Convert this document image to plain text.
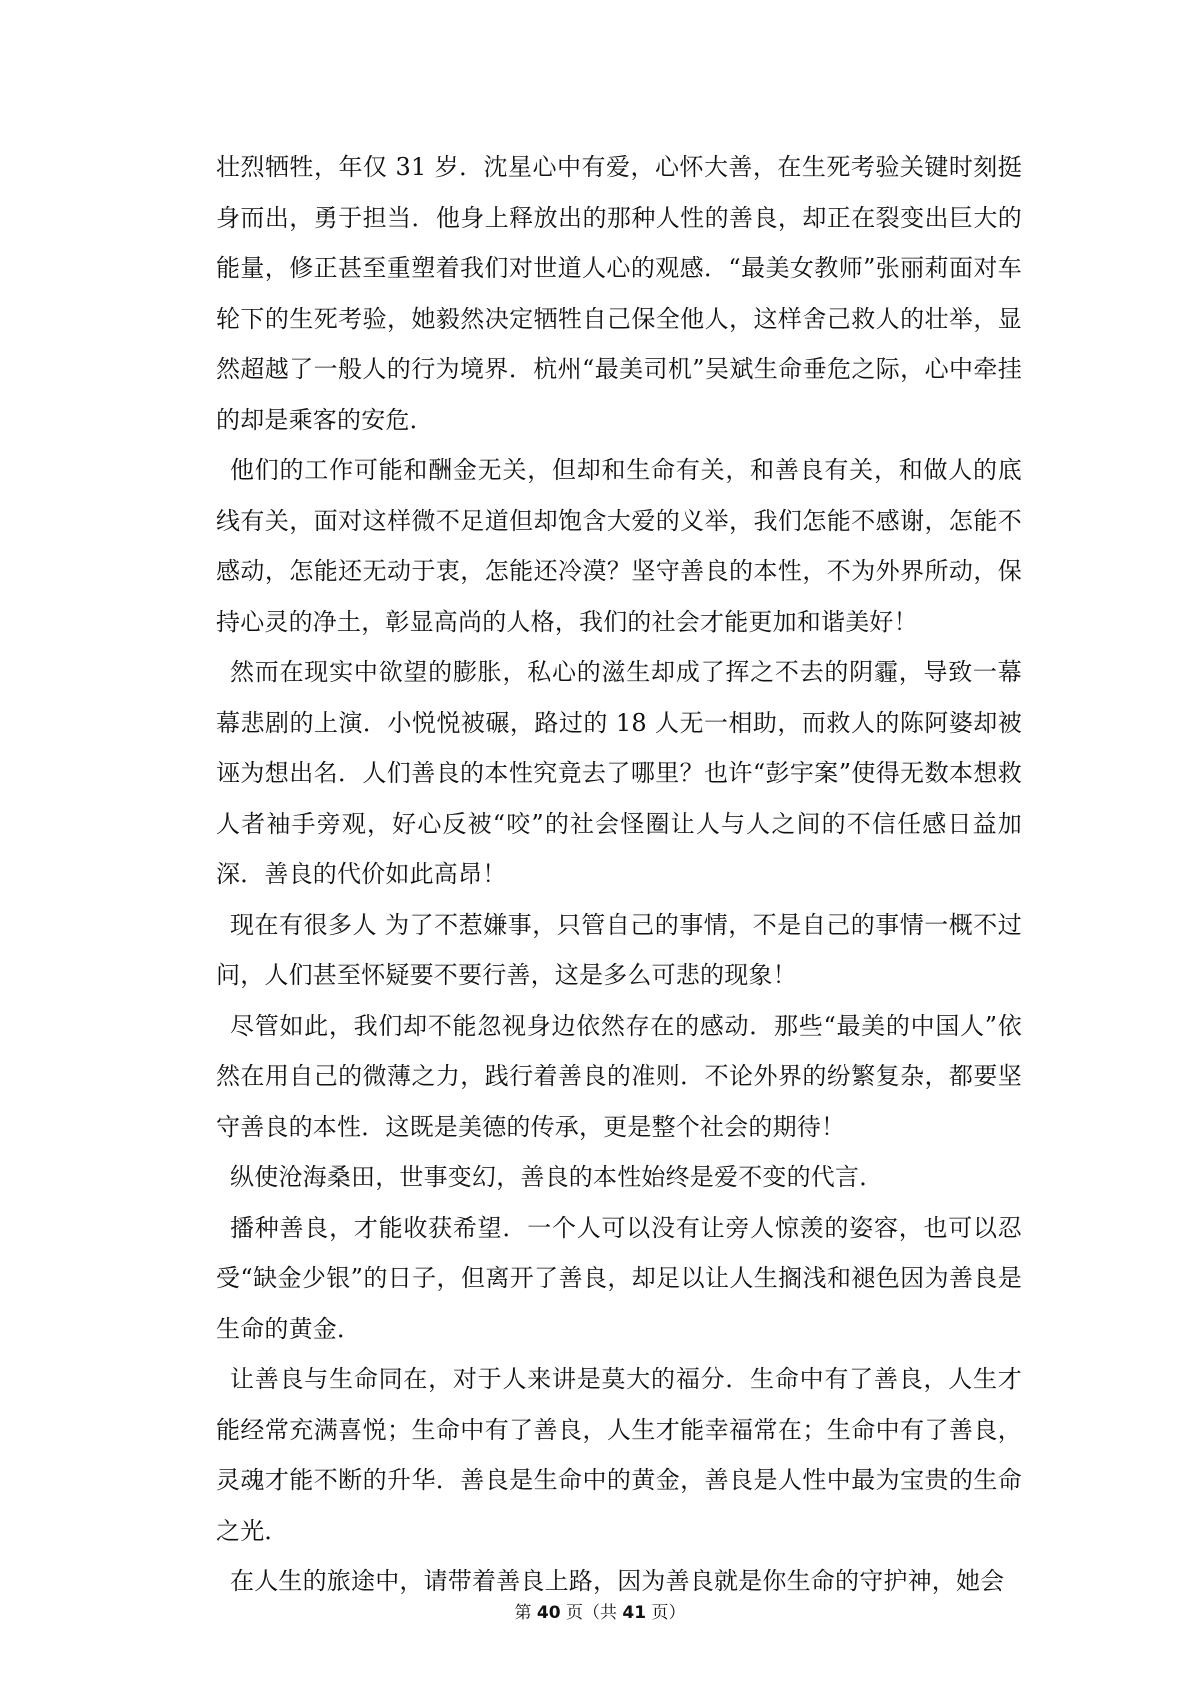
壮烈牺牲，年仅 31 岁．沈星心中有爱，心怀大善，在生死考验关键时刻挺身而出，勇于担当．他身上释放出的那种人性的善良，却正在裂变出巨大的能量，修正甚至重塑着我们对世道人心的观感．“最美女教师”张丽莉面对车轮下的生死考验，她毅然决定牺牲自己保全他人，这样舍己救人的壮举，显然超越了一般人的行为境界．杭州“最美司机”吴斌生命垂危之际，心中牵挂的却是乘客的安危．

他们的工作可能和酬金无关，但却和生命有关，和善良有关，和做人的底线有关，面对这样微不足道但却饱含大爱的义举，我们怎能不感谢，怎能不感动，怎能还无动于衷，怎能还冷漠？坚守善良的本性，不为外界所动，保持心灵的净土，彰显高尚的人格，我们的社会才能更加和谐美好！

然而在现实中欲望的膨胀，私心的滋生却成了挥之不去的阴霾，导致一幕幕悲剧的上演．小悦悦被碾，路过的 18 人无一相助，而救人的陈阿婆却被诬为想出名．人们善良的本性究竟去了哪里？也许“彭宇案”使得无数本想救人者袖手旁观，好心反被“咬”的社会怪圈让人与人之间的不信任感日益加深．善良的代价如此高昂！

现在有很多人 为了不惹嫌事，只管自己的事情，不是自己的事情一概不过问，人们甚至怀疑要不要行善，这是多么可悲的现象！

尽管如此，我们却不能忽视身边依然存在的感动．那些“最美的中国人”依然在用自己的微薄之力，践行着善良的准则．不论外界的纷繁复杂，都要坚守善良的本性．这既是美德的传承，更是整个社会的期待！

纵使沧海桑田，世事变幻，善良的本性始终是爱不变的代言．

播种善良，才能收获希望．一个人可以没有让旁人惊羡的姿容，也可以忍受“缺金少银”的日子，但离开了善良，却足以让人生搁浅和褪色因为善良是生命的黄金．

让善良与生命同在，对于人来讲是莫大的福分．生命中有了善良，人生才能经常充满喜悦；生命中有了善良，人生才能幸福常在；生命中有了善良，灵魂才能不断的升华．善良是生命中的黄金，善良是人性中最为宝贵的生命之光．

在人生的旅途中，请带着善良上路，因为善良就是你生命的守护神，她会

第 40 页（共 41 页）
